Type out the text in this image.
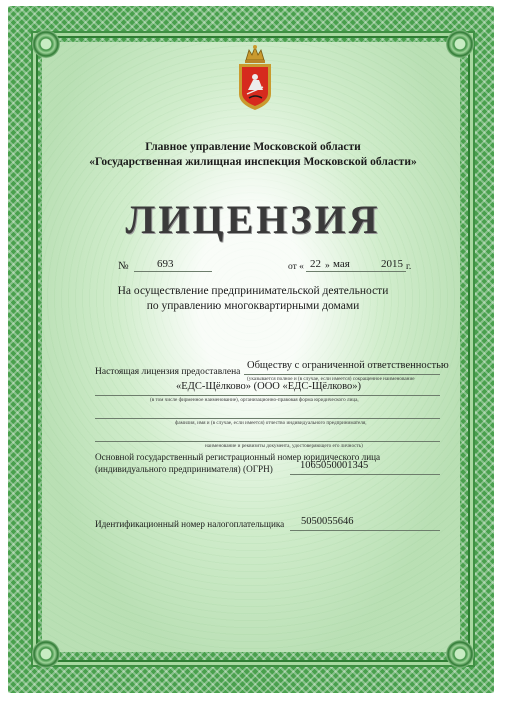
Главное управление Московской области
«Государственная жилищная инспекция Московской области»
ЛИЦЕНЗИЯ
№	693	от « 22 » мая	2015 г.
На осуществление предпринимательской деятельности
по управлению многоквартирными домами
Настоящая лицензия предоставлена
Обществу с ограниченной ответственностью
(указывается полное и (в случае, если имеется) сокращенное наименование
«ЕДС-Щёлково» (ООО «ЕДС-Щёлково»)
(в том числе фирменное наименование), организационно-правовая форма юридического лица,
фамилия, имя и (в случае, если имеется) отчество индивидуального предпринимателя,
наименование и реквизиты документа, удостоверяющего его личность)
Основной государственный регистрационный номер юридического лица
(индивидуального предпринимателя) (ОГРН)	1065050001345
Идентификационный номер налогоплательщика 5050055646
